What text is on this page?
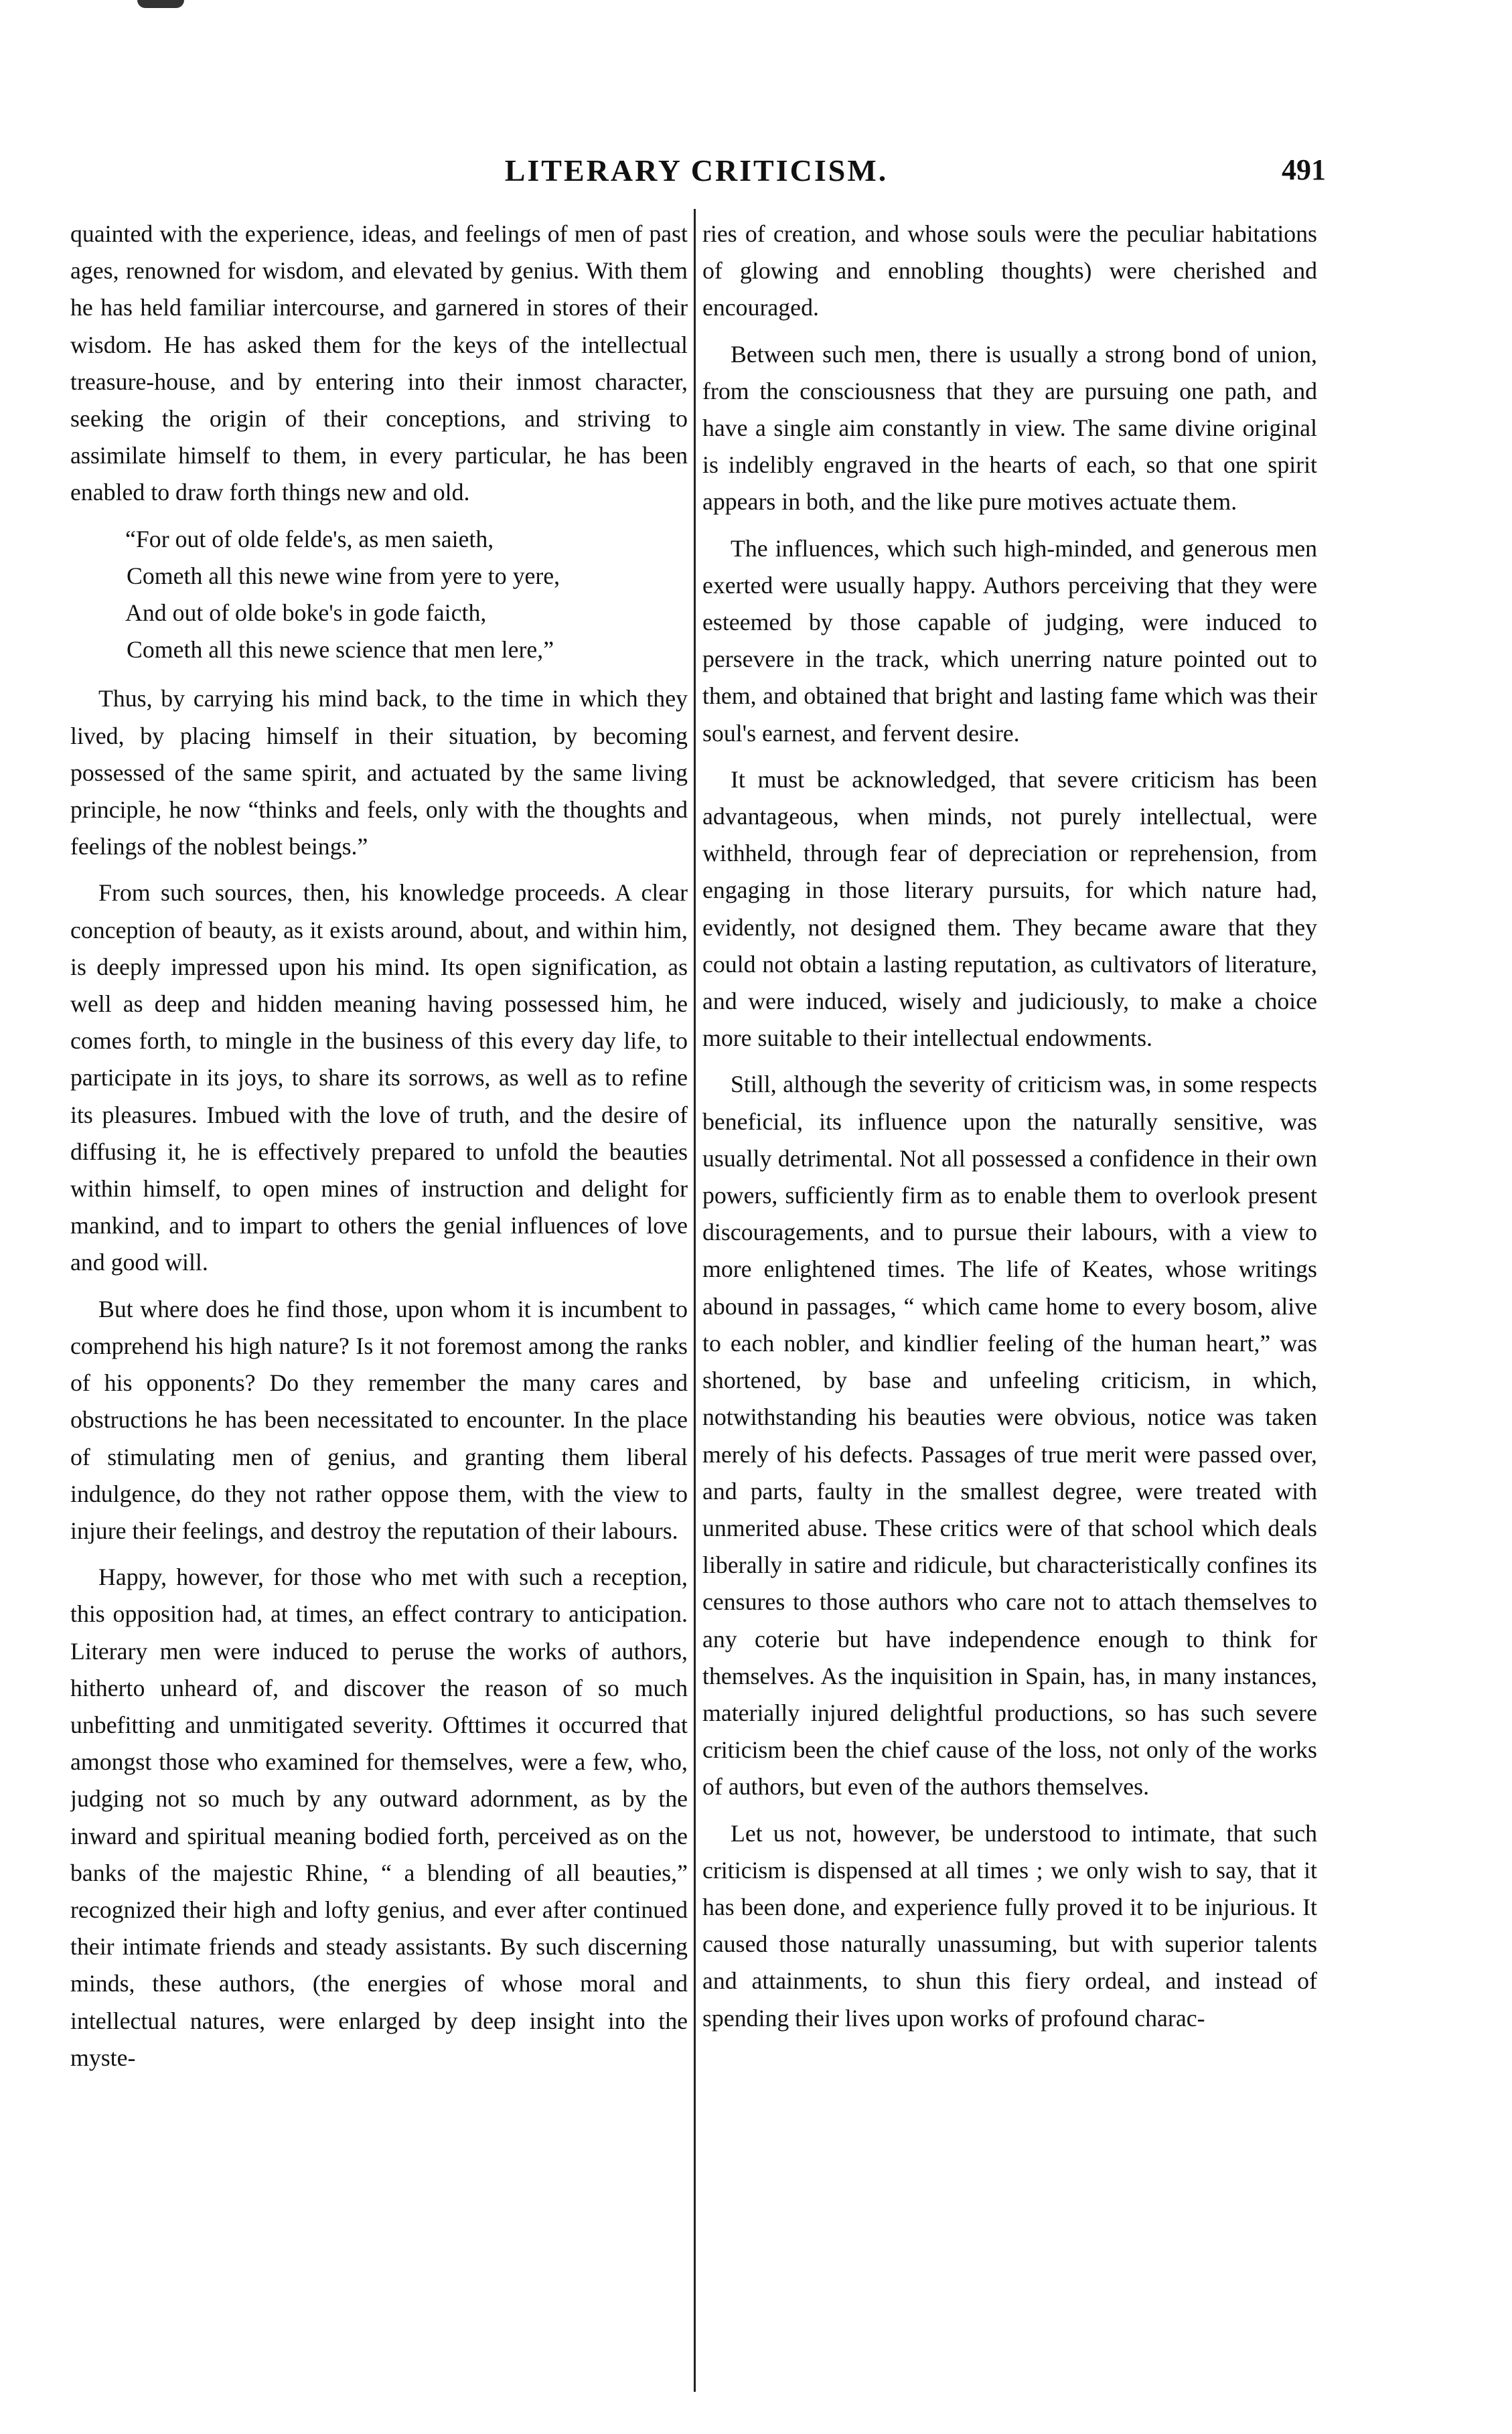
LITERARY CRITICISM.	491

quainted with the experience, ideas, and feelings of men of past ages, renowned for wisdom, and elevated by genius. With them he has held familiar intercourse, and garnered in stores of their wisdom. He has asked them for the keys of the intellectual treasure-house, and by entering into their inmost character, seeking the origin of their conceptions, and striving to assimilate himself to them, in every particular, he has been enabled to draw forth things new and old.

“For out of olde felde's, as men saieth,
Cometh all this newe wine from yere to yere,
And out of olde boke's in gode faicth,
Cometh all this newe science that men lere,”

Thus, by carrying his mind back, to the time in which they lived, by placing himself in their situation, by becoming possessed of the same spirit, and actuated by the same living principle, he now “thinks and feels, only with the thoughts and feelings of the noblest beings.”

From such sources, then, his knowledge proceeds. A clear conception of beauty, as it exists around, about, and within him, is deeply impressed upon his mind. Its open signification, as well as deep and hidden meaning having possessed him, he comes forth, to mingle in the business of this every day life, to participate in its joys, to share its sorrows, as well as to refine its pleasures. Imbued with the love of truth, and the desire of diffusing it, he is effectively prepared to unfold the beauties within himself, to open mines of instruction and delight for mankind, and to impart to others the genial influences of love and good will.

But where does he find those, upon whom it is incumbent to comprehend his high nature? Is it not foremost among the ranks of his opponents? Do they remember the many cares and obstructions he has been necessitated to encounter. In the place of stimulating men of genius, and granting them liberal indulgence, do they not rather oppose them, with the view to injure their feelings, and destroy the reputation of their labours.

Happy, however, for those who met with such a reception, this opposition had, at times, an effect contrary to anticipation. Literary men were induced to peruse the works of authors, hitherto unheard of, and discover the reason of so much unbefitting and unmitigated severity. Ofttimes it occurred that amongst those who examined for themselves, were a few, who, judging not so much by any outward adornment, as by the inward and spiritual meaning bodied forth, perceived as on the banks of the majestic Rhine, “ a blending of all beauties,” recognized their high and lofty genius, and ever after continued their intimate friends and steady assistants. By such discerning minds, these authors, (the energies of whose moral and intellectual natures, were enlarged by deep insight into the myste-

ries of creation, and whose souls were the peculiar habitations of glowing and ennobling thoughts) were cherished and encouraged.

Between such men, there is usually a strong bond of union, from the consciousness that they are pursuing one path, and have a single aim constantly in view. The same divine original is indelibly engraved in the hearts of each, so that one spirit appears in both, and the like pure motives actuate them.

The influences, which such high-minded, and generous men exerted were usually happy. Authors perceiving that they were esteemed by those capable of judging, were induced to persevere in the track, which unerring nature pointed out to them, and obtained that bright and lasting fame which was their soul's earnest, and fervent desire.

It must be acknowledged, that severe criticism has been advantageous, when minds, not purely intellectual, were withheld, through fear of depreciation or reprehension, from engaging in those literary pursuits, for which nature had, evidently, not designed them. They became aware that they could not obtain a lasting reputation, as cultivators of literature, and were induced, wisely and judiciously, to make a choice more suitable to their intellectual endowments.

Still, although the severity of criticism was, in some respects beneficial, its influence upon the naturally sensitive, was usually detrimental. Not all possessed a confidence in their own powers, sufficiently firm as to enable them to overlook present discouragements, and to pursue their labours, with a view to more enlightened times. The life of Keates, whose writings abound in passages, “ which came home to every bosom, alive to each nobler, and kindlier feeling of the human heart,” was shortened, by base and unfeeling criticism, in which, notwithstanding his beauties were obvious, notice was taken merely of his defects. Passages of true merit were passed over, and parts, faulty in the smallest degree, were treated with unmerited abuse. These critics were of that school which deals liberally in satire and ridicule, but characteristically confines its censures to those authors who care not to attach themselves to any coterie but have independence enough to think for themselves. As the inquisition in Spain, has, in many instances, materially injured delightful productions, so has such severe criticism been the chief cause of the loss, not only of the works of authors, but even of the authors themselves.

Let us not, however, be understood to intimate, that such criticism is dispensed at all times ; we only wish to say, that it has been done, and experience fully proved it to be injurious. It caused those naturally unassuming, but with superior talents and attainments, to shun this fiery ordeal, and instead of spending their lives upon works of profound charac-
